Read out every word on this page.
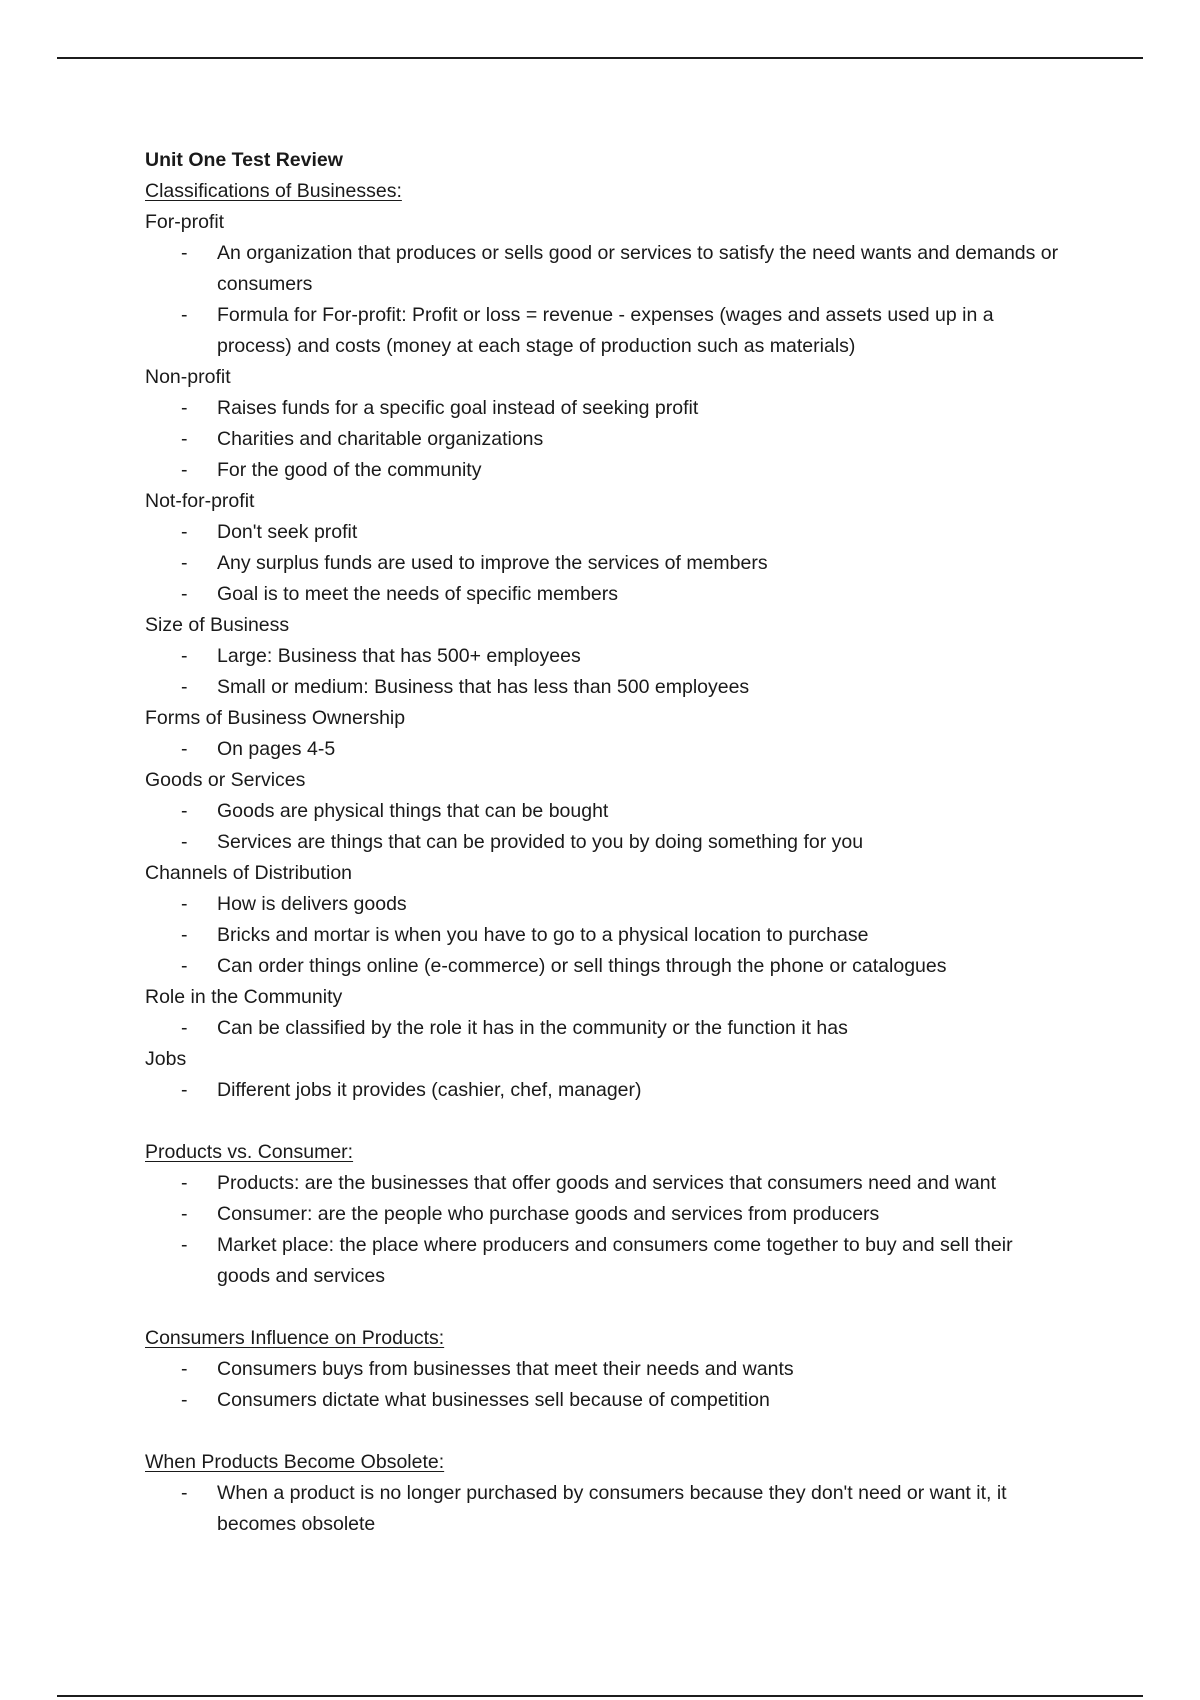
Unit One Test Review
Classifications of Businesses:
For-profit
- An organization that produces or sells good or services to satisfy the need wants and demands or consumers
- Formula for For-profit: Profit or loss = revenue - expenses (wages and assets used up in a process) and costs (money at each stage of production such as materials)
Non-profit
- Raises funds for a specific goal instead of seeking profit
- Charities and charitable organizations
- For the good of the community
Not-for-profit
- Don't seek profit
- Any surplus funds are used to improve the services of members
- Goal is to meet the needs of specific members
Size of Business
- Large: Business that has 500+ employees
- Small or medium: Business that has less than 500 employees
Forms of Business Ownership
- On pages 4-5
Goods or Services
- Goods are physical things that can be bought
- Services are things that can be provided to you by doing something for you
Channels of Distribution
- How is delivers goods
- Bricks and mortar is when you have to go to a physical location to purchase
- Can order things online (e-commerce) or sell things through the phone or catalogues
Role in the Community
- Can be classified by the role it has in the community or the function it has
Jobs
- Different jobs it provides (cashier, chef, manager)
Products vs. Consumer:
- Products: are the businesses that offer goods and services that consumers need and want
- Consumer: are the people who purchase goods and services from producers
- Market place: the place where producers and consumers come together to buy and sell their goods and services
Consumers Influence on Products:
- Consumers buys from businesses that meet their needs and wants
- Consumers dictate what businesses sell because of competition
When Products Become Obsolete:
- When a product is no longer purchased by consumers because they don't need or want it, it becomes obsolete
